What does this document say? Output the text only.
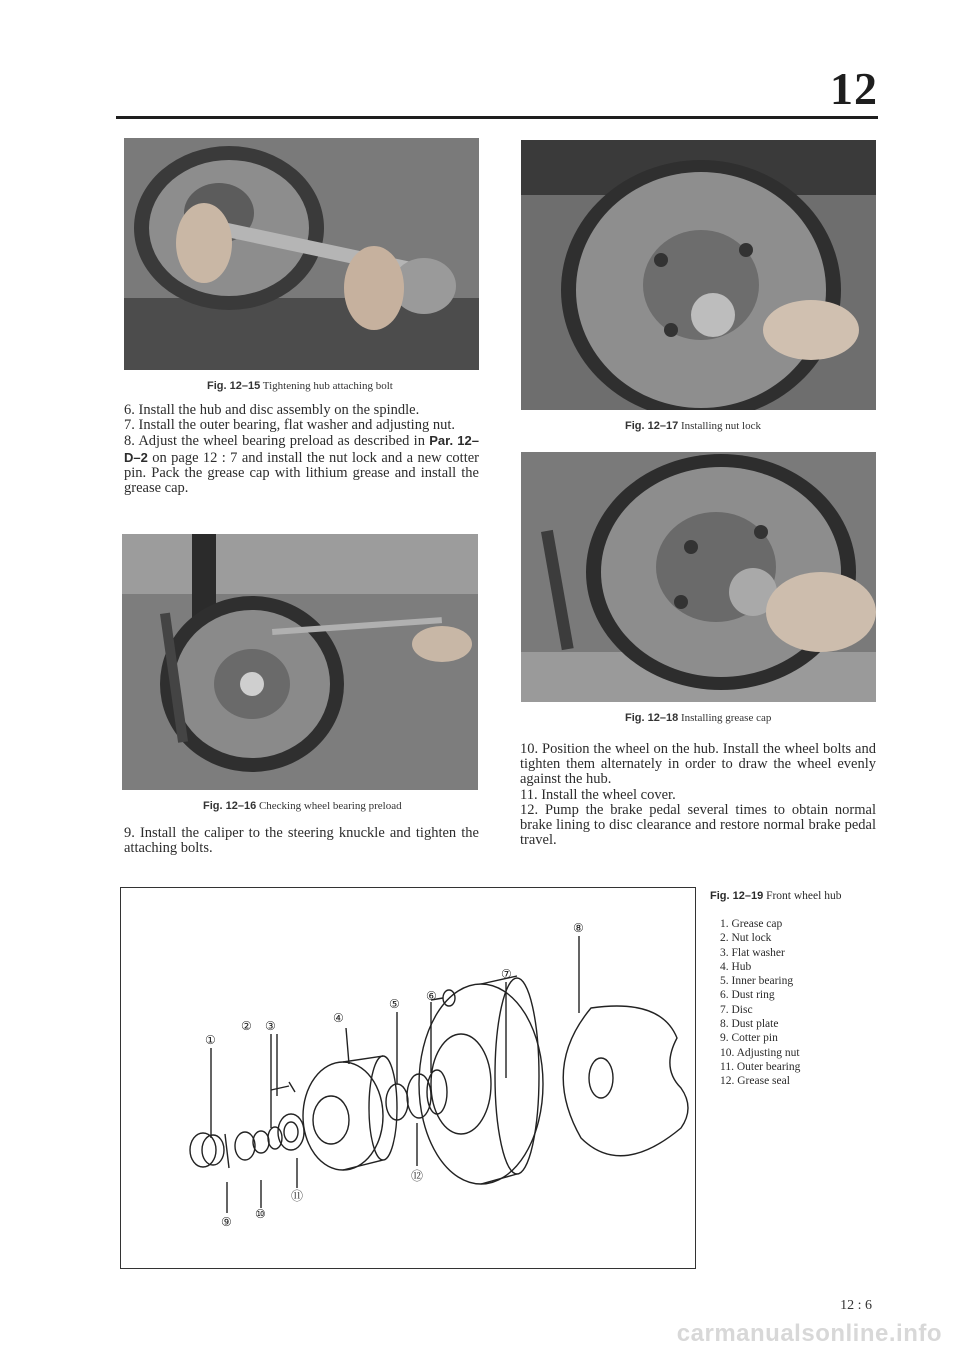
12
Fig. 12–15 Tightening hub attaching bolt

6. Install the hub and disc assembly on the spindle.

7. Install the outer bearing, flat washer and adjusting nut.

8. Adjust the wheel bearing preload as described in Par. 12–D–2 on page 12 : 7 and install the nut lock and a new cotter pin. Pack the grease cap with lithium grease and install the grease cap.

Fig. 12–16 Checking wheel bearing preload

9. Install the caliper to the steering knuckle and tighten the attaching bolts.

Fig. 12–17 Installing nut lock
Fig. 12–18 Installing grease cap

10. Position the wheel on the hub. Install the wheel bolts and tighten them alternately in order to draw the wheel evenly against the hub.

11. Install the wheel cover.

12. Pump the brake pedal several times to obtain normal brake lining to disc clearance and restore normal brake pedal travel.

①
② ③
④
⑤
⑥
⑦
⑧
⑨
⑩
⑪
⑫
Fig. 12–19 Front wheel hub
1. Grease cap
2. Nut lock
3. Flat washer
4. Hub
5. Inner bearing
6. Dust ring
7. Disc
8. Dust plate
9. Cotter pin
10. Adjusting nut
11. Outer bearing
12. Grease seal
12 : 6
carmanualsonline.info
